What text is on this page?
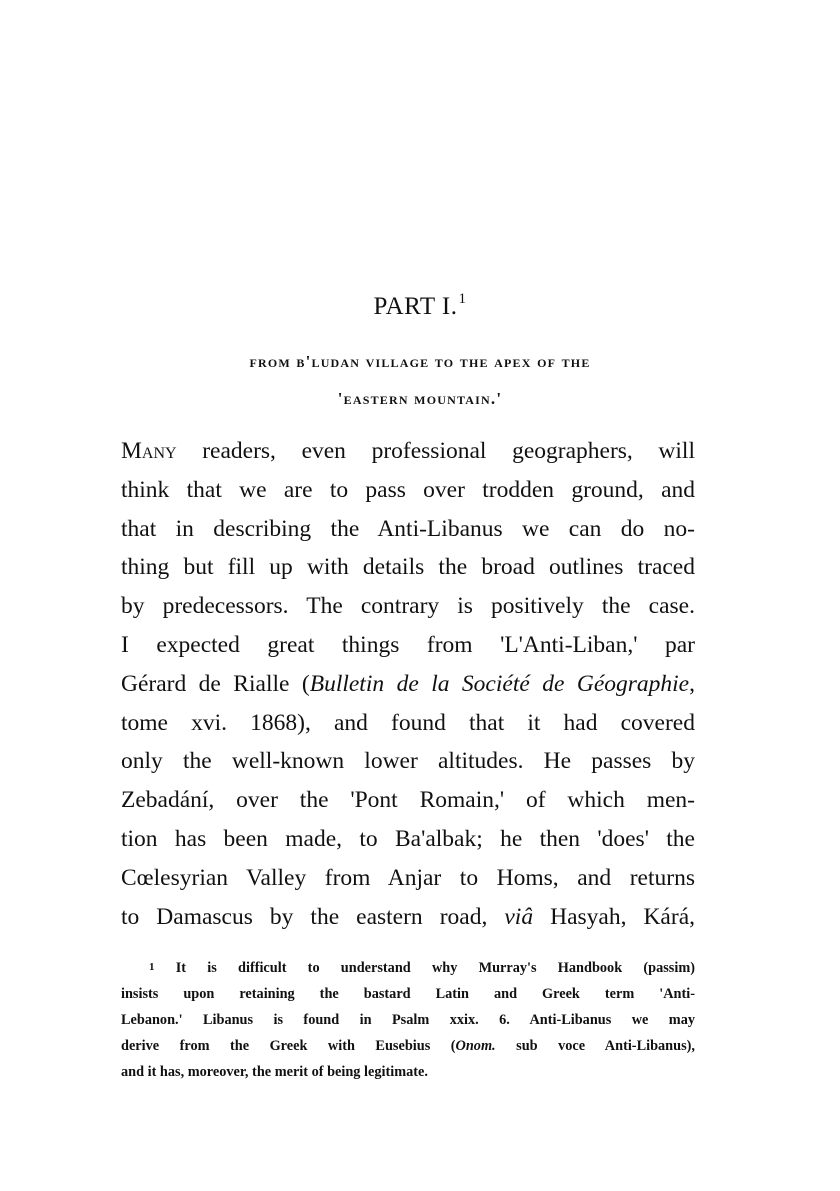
PART I.$^1$
from b'ludan village to the apex of the
'eastern mountain.'
Many readers, even professional geographers, will
think that we are to pass over trodden ground, and
that in describing the Anti-Libanus we can do no-
thing but fill up with details the broad outlines traced
by predecessors. The contrary is positively the case.
I expected great things from 'L'Anti-Liban,' par
Gérard de Rialle (Bulletin de la Société de Géographie,
tome xvi. 1868), and found that it had covered
only the well-known lower altitudes. He passes by
Zebadání, over the 'Pont Romain,' of which men-
tion has been made, to Ba'albak; he then 'does' the
Cœlesyrian Valley from Anjar to Homs, and returns
to Damascus by the eastern road, viâ Hasyah, Kárá,
$^1$ It is difficult to understand why Murray's Handbook (passim)
insists upon retaining the bastard Latin and Greek term 'Anti-
Lebanon.' Libanus is found in Psalm xxix. 6. Anti-Libanus we may
derive from the Greek with Eusebius (Onom. sub voce Anti-Libanus),
and it has, moreover, the merit of being legitimate.
